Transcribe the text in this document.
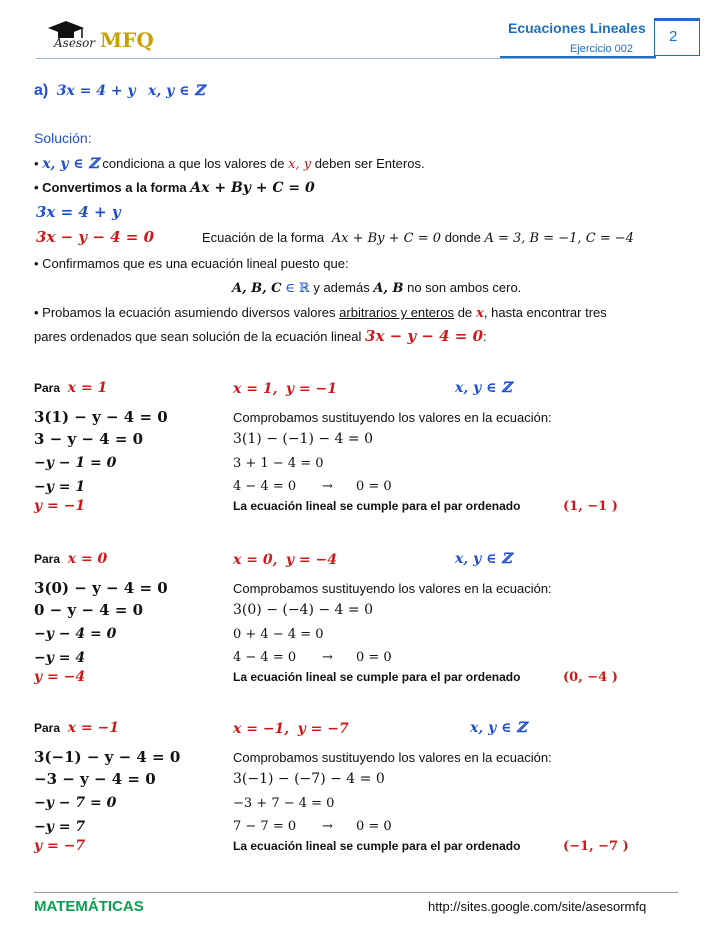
Asesor MFQ	Ecuaciones Lineales
Ejercicio 002
2
a) 3x = 4 + y x, y ∈ ℤ
Solución:
• x, y ∈ ℤ condiciona a que los valores de x, y deben ser Enteros.
• Convertimos a la forma Ax + By + C = 0
3x = 4 + y
3x − y − 4 = 0	Ecuación de la forma Ax + By + C = 0 donde A = 3, B = −1, C = −4
• Confirmamos que es una ecuación lineal puesto que:
A, B, C ∈ ℝ y además A, B no son ambos cero.
• Probamos la ecuación asumiendo diversos valores arbitrarios y enteros de x, hasta encontrar tres
pares ordenados que sean solución de la ecuación lineal 3x − y − 4 = 0:
Para x = 1	x = 1, y = −1	x, y ∈ ℤ
3(1) − y − 4 = 0
3 − y − 4 = 0
−y − 1 = 0
−y = 1
y = −1
Comprobamos sustituyendo los valores en la ecuación:
3(1) − (−1) − 4 = 0
3 + 1 − 4 = 0
4 − 4 = 0 → 0 = 0
La ecuación lineal se cumple para el par ordenado	(1, −1 )
Para x = 0	x = 0, y = −4	x, y ∈ ℤ
3(0) − y − 4 = 0
0 − y − 4 = 0
−y − 4 = 0
−y = 4
y = −4
Comprobamos sustituyendo los valores en la ecuación:
3(0) − (−4) − 4 = 0
0 + 4 − 4 = 0
4 − 4 = 0 → 0 = 0
La ecuación lineal se cumple para el par ordenado	(0, −4 )
Para x = −1	x = −1, y = −7	x, y ∈ ℤ
3(−1) − y − 4 = 0
−3 − y − 4 = 0
−y − 7 = 0
−y = 7
y = −7
Comprobamos sustituyendo los valores en la ecuación:
3(−1) − (−7) − 4 = 0
−3 + 7 − 4 = 0
7 − 7 = 0 → 0 = 0
La ecuación lineal se cumple para el par ordenado	(−1, −7 )
MATEMÁTICAS	http://sites.google.com/site/asesormfq
